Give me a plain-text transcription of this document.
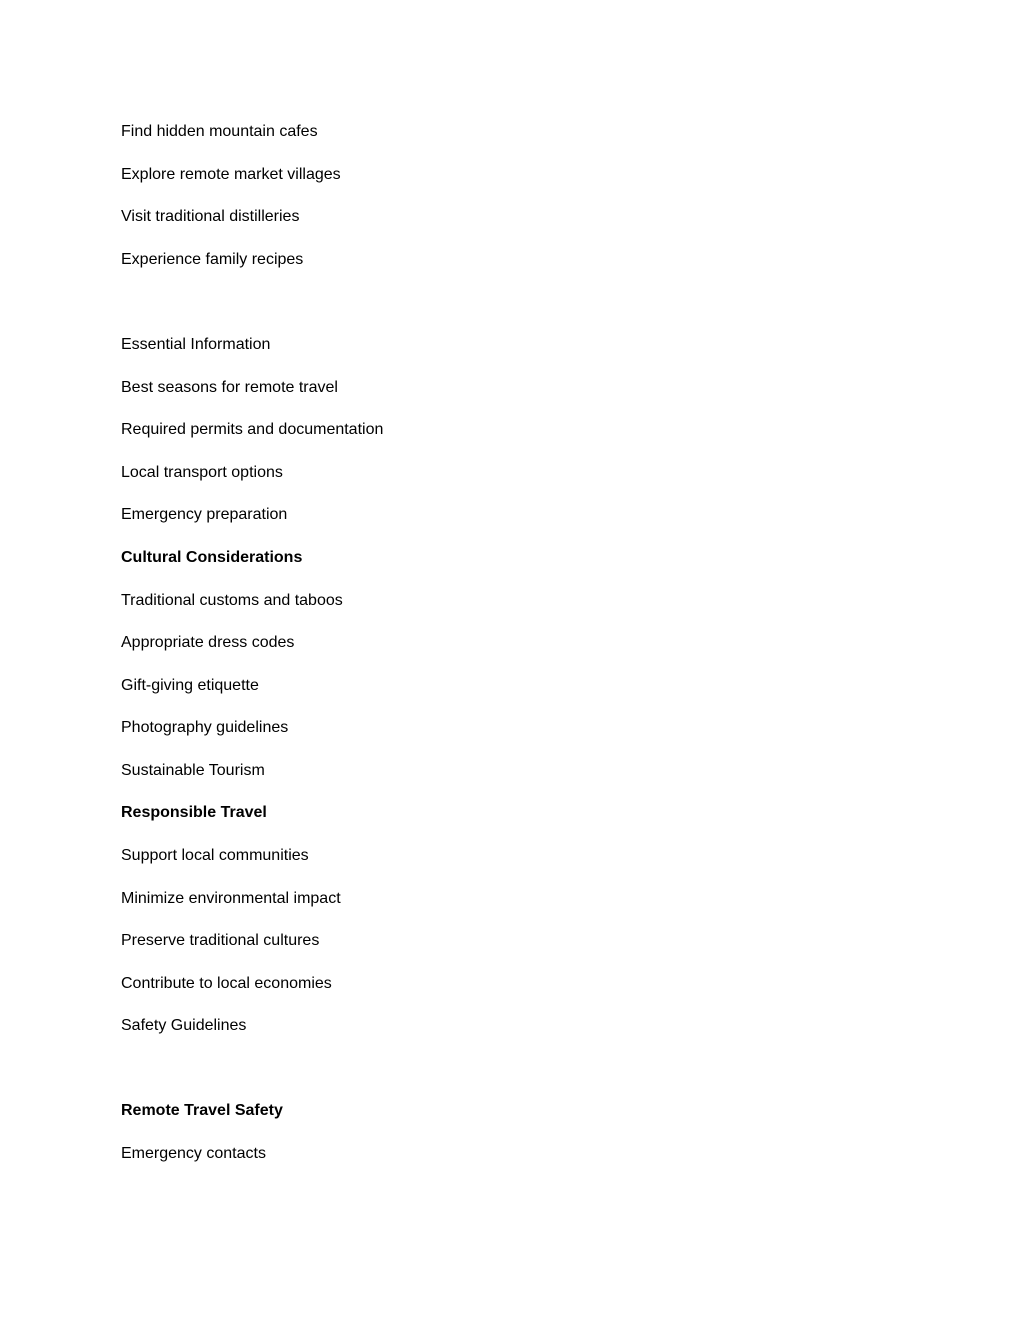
Find hidden mountain cafes
Explore remote market villages
Visit traditional distilleries
Experience family recipes
Essential Information
Best seasons for remote travel
Required permits and documentation
Local transport options
Emergency preparation
Cultural Considerations
Traditional customs and taboos
Appropriate dress codes
Gift-giving etiquette
Photography guidelines
Sustainable Tourism
Responsible Travel
Support local communities
Minimize environmental impact
Preserve traditional cultures
Contribute to local economies
Safety Guidelines
Remote Travel Safety
Emergency contacts
